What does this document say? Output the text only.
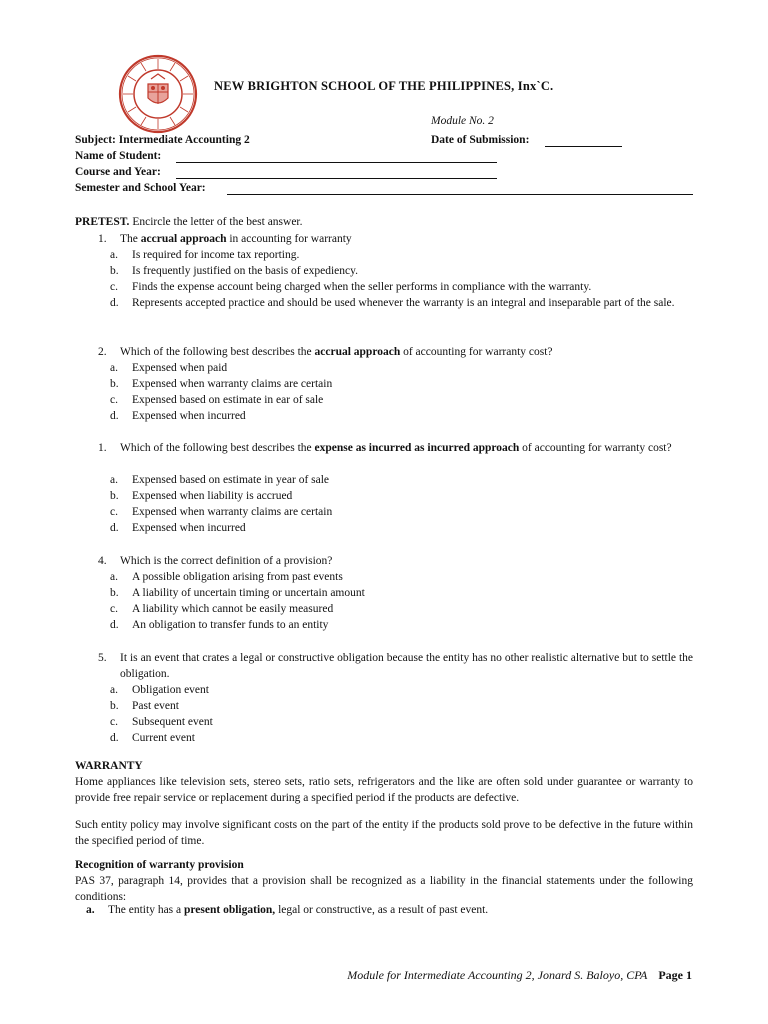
NEW BRIGHTON SCHOOL OF THE PHILIPPINES, Inx`C.
Module No. 2
Subject: Intermediate Accounting 2	Date of Submission:
Name of Student:
Course and Year:
Semester and School Year:
PRETEST. Encircle the letter of the best answer.
1. The accrual approach in accounting for warranty
a.	Is required for income tax reporting.
b.	Is frequently justified on the basis of expediency.
c.	Finds the expense account being charged when the seller performs in compliance with the warranty.
d.	Represents accepted practice and should be used whenever the warranty is an integral and inseparable part of the sale.
2. Which of the following best describes the accrual approach of accounting for warranty cost?
a.	Expensed when paid
b.	Expensed when warranty claims are certain
c.	Expensed based on estimate in ear of sale
d.	Expensed when incurred
1. Which of the following best describes the expense as incurred as incurred approach of accounting for warranty cost?
a.	Expensed based on estimate in year of sale
b.	Expensed when liability is accrued
c.	Expensed when warranty claims are certain
d.	Expensed when incurred
4. Which is the correct definition of a provision?
a.	A possible obligation arising from past events
b.	A liability of uncertain timing or uncertain amount
c.	A liability which cannot be easily measured
d.	An obligation to transfer funds to an entity
5. It is an event that crates a legal or constructive obligation because the entity has no other realistic alternative but to settle the obligation.
a.	Obligation event
b.	Past event
c.	Subsequent event
d.	Current event
WARRANTY
Home appliances like television sets, stereo sets, ratio sets, refrigerators and the like are often sold under guarantee or warranty to provide free repair service or replacement during a specified period if the products are defective.
Such entity policy may involve significant costs on the part of the entity if the products sold prove to be defective in the future within the specified period of time.
Recognition of warranty provision
PAS 37, paragraph 14, provides that a provision shall be recognized as a liability in the financial statements under the following conditions:
a. The entity has a present obligation, legal or constructive, as a result of past event.
Module for Intermediate Accounting 2, Jonard S. Baloyo, CPA Page 1
